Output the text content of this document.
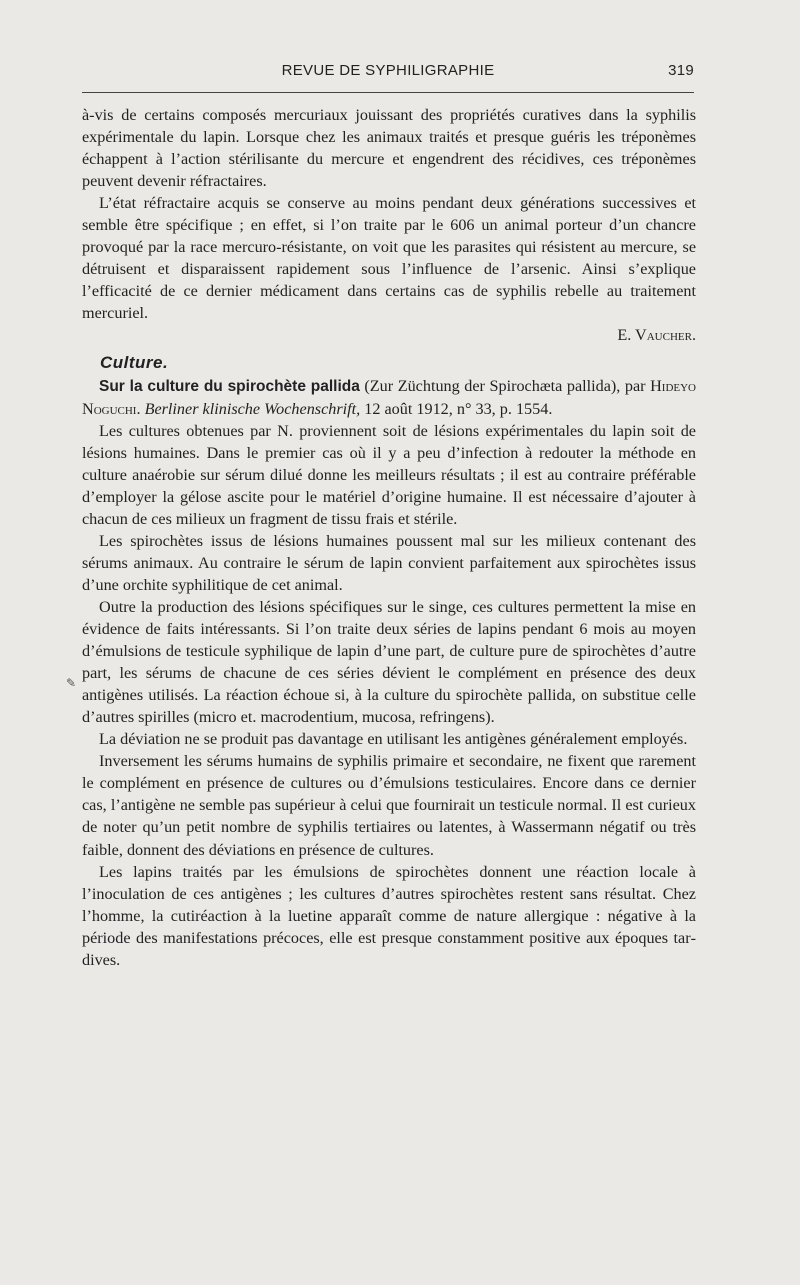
REVUE DE SYPHILIGRAPHIE	319
✎

à-vis de certains composés mercuriaux jouissant des propriétés curatives dans la syphilis expérimentale du lapin. Lorsque chez les animaux traités et presque guéris les tréponèmes échappent à l’action stérilisante du mercure et engendrent des récidives, ces tréponèmes peuvent devenir réfractaires.

L’état réfractaire acquis se conserve au moins pendant deux générations successives et semble être spécifique ; en effet, si l’on traite par le 606 un animal porteur d’un chancre provoqué par la race mercuro-résistante, on voit que les parasites qui résistent au mercure, se détruisent et disparaissent rapidement sous l’influence de l’arsenic. Ainsi s’explique l’efficacité de ce dernier médicament dans certains cas de syphilis rebelle au traitement mercuriel.

E. Vaucher.
Culture.

Sur la culture du spirochète pallida (Zur Züchtung der Spirochæta pallida), par Hideyo Noguchi. Berliner klinische Wochenschrift, 12 août 1912, n° 33, p. 1554.

Les cultures obtenues par N. proviennent soit de lésions expérimentales du lapin soit de lésions humaines. Dans le premier cas où il y a peu d’infection à redouter la méthode en culture anaérobie sur sérum dilué donne les meilleurs résultats ; il est au contraire préférable d’employer la gélose ascite pour le matériel d’origine humaine. Il est nécessaire d’ajouter à chacun de ces milieux un fragment de tissu frais et stérile.

Les spirochètes issus de lésions humaines poussent mal sur les milieux contenant des sérums animaux. Au contraire le sérum de lapin convient parfaitement aux spirochètes issus d’une orchite syphilitique de cet animal.

Outre la production des lésions spécifiques sur le singe, ces cultures permettent la mise en évidence de faits intéressants. Si l’on traite deux séries de lapins pendant 6 mois au moyen d’émulsions de testicule syphilique de lapin d’une part, de culture pure de spirochètes d’autre part, les sérums de chacune de ces séries dévient le complément en présence des deux antigènes utilisés. La réaction échoue si, à la culture du spirochète pallida, on substitue celle d’autres spirilles (micro et. macrodentium, mucosa, refringens).

La déviation ne se produit pas davantage en utilisant les antigènes généralement employés.

Inversement les sérums humains de syphilis primaire et secondaire, ne fixent que rarement le complément en présence de cultures ou d’émulsions testiculaires. Encore dans ce dernier cas, l’antigène ne semble pas supérieur à celui que fournirait un testicule normal. Il est curieux de noter qu’un petit nombre de syphilis tertiaires ou latentes, à Wassermann négatif ou très faible, donnent des déviations en présence de cultures.

Les lapins traités par les émulsions de spirochètes donnent une réaction locale à l’inoculation de ces antigènes ; les cultures d’autres spirochètes restent sans résultat. Chez l’homme, la cutiréaction à la luetine apparaît comme de nature allergique : négative à la période des manifestations précoces, elle est presque constamment positive aux époques tardives.
